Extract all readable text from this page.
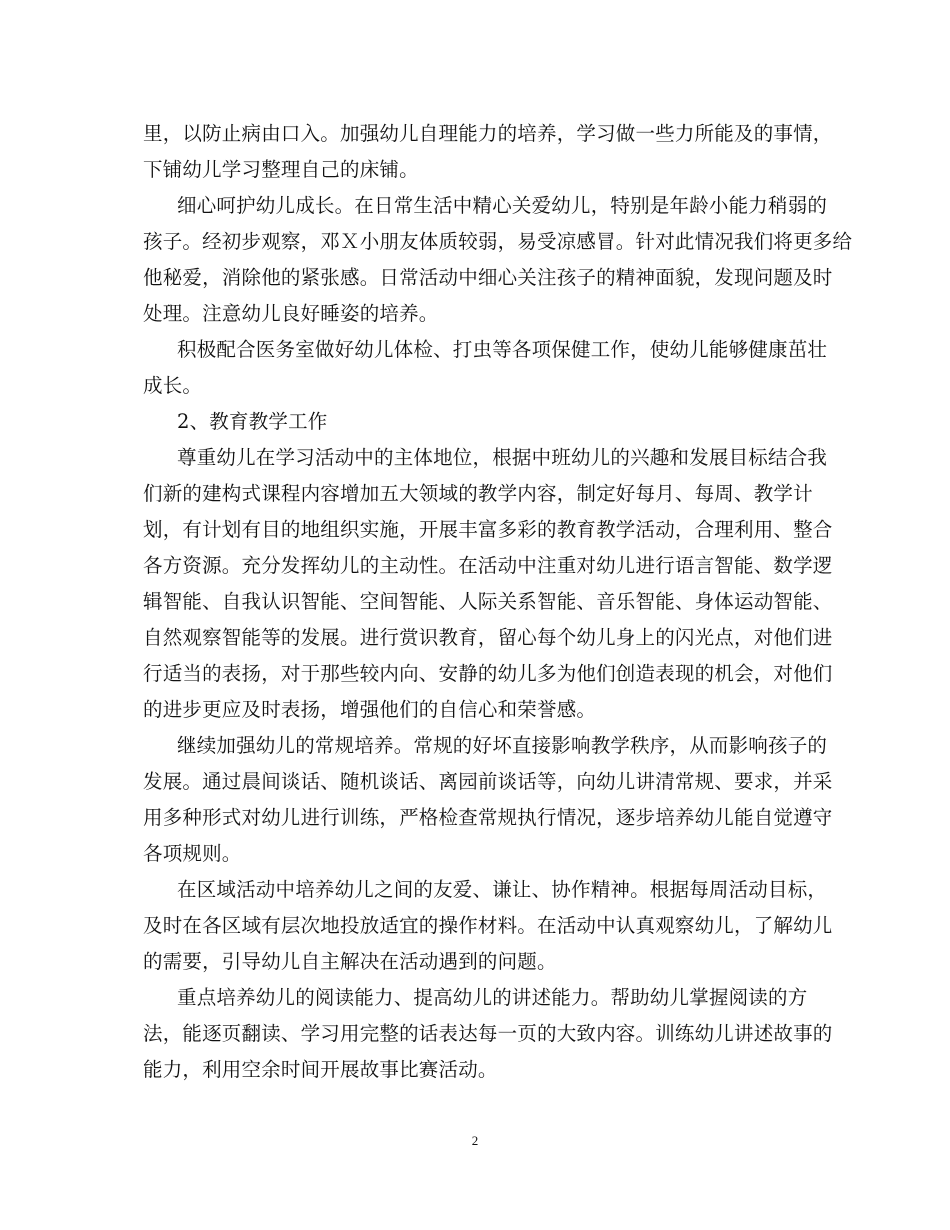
里，以防止病由口入。加强幼儿自理能力的培养，学习做一些力所能及的事情，
下铺幼儿学习整理自己的床铺。
细心呵护幼儿成长。在日常生活中精心关爱幼儿，特别是年龄小能力稍弱的
孩子。经初步观察，邓Ｘ小朋友体质较弱，易受凉感冒。针对此情况我们将更多给
他秘爱，消除他的紧张感。日常活动中细心关注孩子的精神面貌，发现问题及时
处理。注意幼儿良好睡姿的培养。
积极配合医务室做好幼儿体检、打虫等各项保健工作，使幼儿能够健康茁壮
成长。
2、教育教学工作
尊重幼儿在学习活动中的主体地位，根据中班幼儿的兴趣和发展目标结合我
们新的建构式课程内容增加五大领域的教学内容，制定好每月、每周、教学计
划，有计划有目的地组织实施，开展丰富多彩的教育教学活动，合理利用、整合
各方资源。充分发挥幼儿的主动性。在活动中注重对幼儿进行语言智能、数学逻
辑智能、自我认识智能、空间智能、人际关系智能、音乐智能、身体运动智能、
自然观察智能等的发展。进行赏识教育，留心每个幼儿身上的闪光点，对他们进
行适当的表扬，对于那些较内向、安静的幼儿多为他们创造表现的机会，对他们
的进步更应及时表扬，增强他们的自信心和荣誉感。
继续加强幼儿的常规培养。常规的好坏直接影响教学秩序，从而影响孩子的
发展。通过晨间谈话、随机谈话、离园前谈话等，向幼儿讲清常规、要求，并采
用多种形式对幼儿进行训练，严格检查常规执行情况，逐步培养幼儿能自觉遵守
各项规则。
在区域活动中培养幼儿之间的友爱、谦让、协作精神。根据每周活动目标，
及时在各区域有层次地投放适宜的操作材料。在活动中认真观察幼儿，了解幼儿
的需要，引导幼儿自主解决在活动遇到的问题。
重点培养幼儿的阅读能力、提高幼儿的讲述能力。帮助幼儿掌握阅读的方
法，能逐页翻读、学习用完整的话表达每一页的大致内容。训练幼儿讲述故事的
能力，利用空余时间开展故事比赛活动。
2
